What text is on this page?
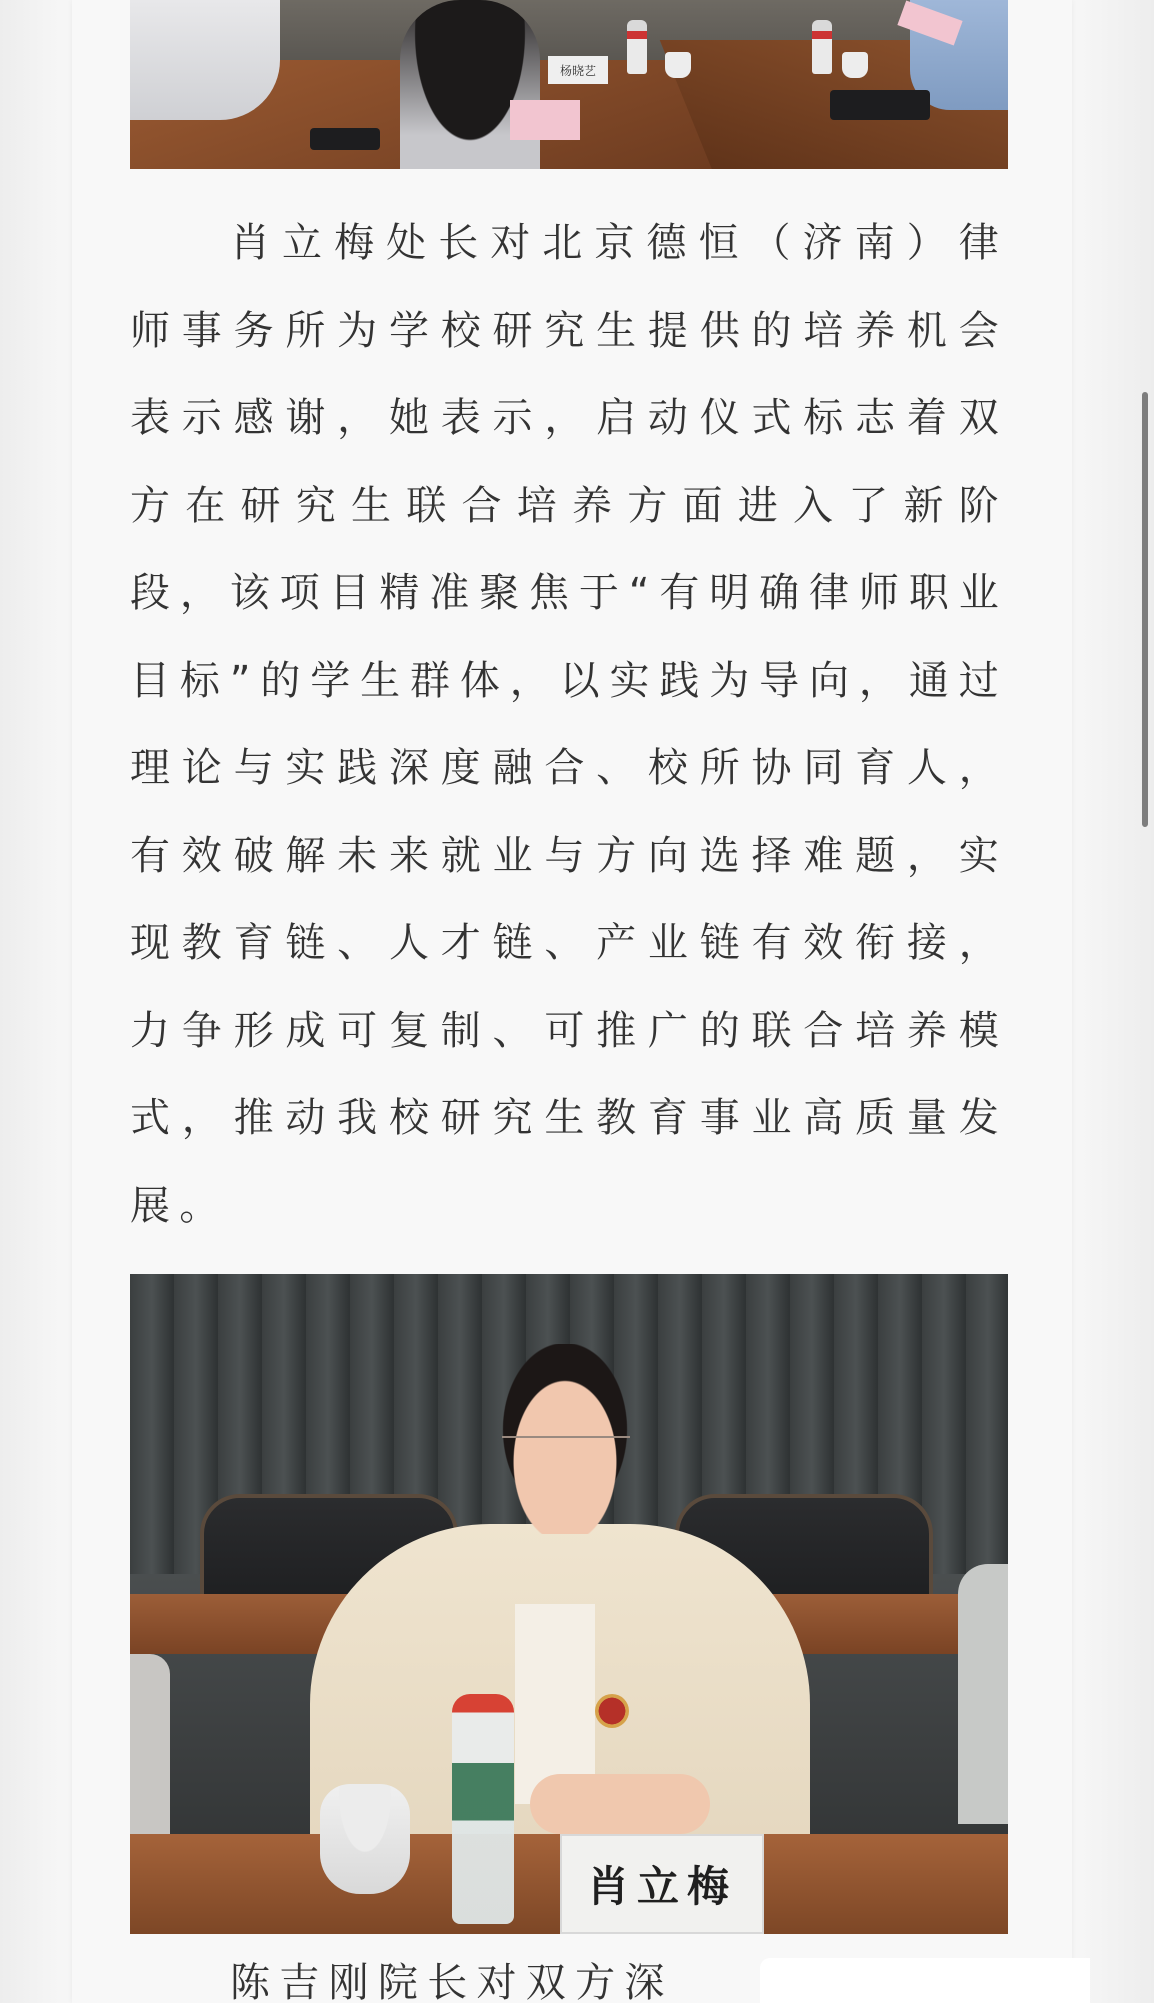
杨晓艺

肖立梅处长对北京德恒（济南）律师事务所为学校研究生提供的培养机会表示感谢，她表示，启动仪式标志着双方在研究生联合培养方面进入了新阶段，该项目精准聚焦于“有明确律师职业目标”的学生群体，以实践为导向，通过理论与实践深度融合、校所协同育人，有效破解未来就业与方向选择难题，实现教育链、人才链、产业链有效衔接，力争形成可复制、可推广的联合培养模式，推动我校研究生教育事业高质量发展。

肖立梅
陈吉刚院长对双方深
